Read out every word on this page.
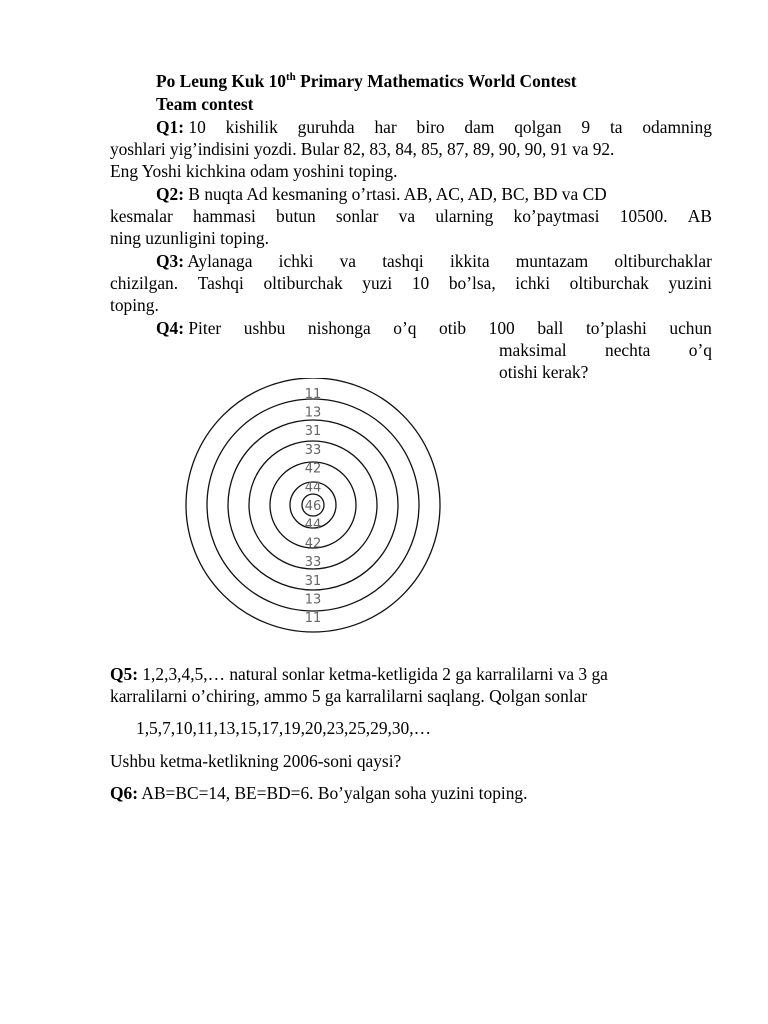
Po Leung Kuk 10th Primary Mathematics World Contest
Team contest
Q1: 10 kishilik guruhda har biro dam qolgan 9 ta odamning
yoshlari yig’indisini yozdi. Bular 82, 83, 84, 85, 87, 89, 90, 90, 91 va 92.
Eng Yoshi kichkina odam yoshini toping.
Q2: B nuqta Ad kesmaning o’rtasi. AB, AC, AD, BC, BD va CD
kesmalar hammasi butun sonlar va ularning ko’paytmasi 10500. AB
ning uzunligini toping.
Q3: Aylanaga ichki va tashqi ikkita muntazam oltiburchaklar
chizilgan. Tashqi oltiburchak yuzi 10 bo’lsa, ichki oltiburchak yuzini
toping.
Q4: Piter ushbu nishonga o’q otib 100 ball to’plashi uchun
maksimal nechta o’q
otishi kerak?
11
13
31
33
42
44
46
44
42
33
31
13
11
Q5: 1,2,3,4,5,… natural sonlar ketma-ketligida 2 ga karralilarni va 3 ga
karralilarni o’chiring, ammo 5 ga karralilarni saqlang. Qolgan sonlar
1,5,7,10,11,13,15,17,19,20,23,25,29,30,…
Ushbu ketma-ketlikning 2006-soni qaysi?
Q6: AB=BC=14, BE=BD=6. Bo’yalgan soha yuzini toping.
